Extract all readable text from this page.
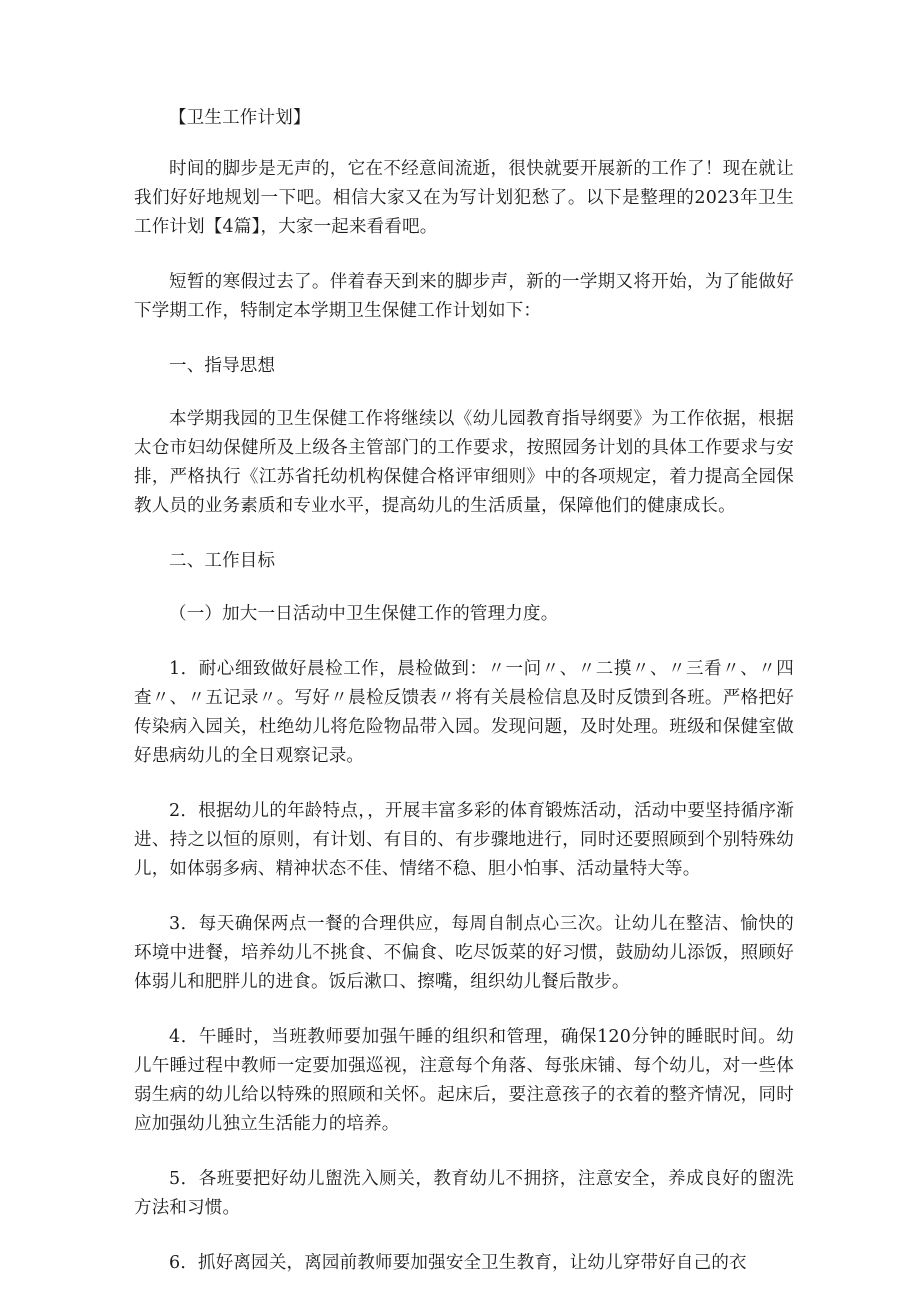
【卫生工作计划】

时间的脚步是无声的，它在不经意间流逝，很快就要开展新的工作了！现在就让我们好好地规划一下吧。相信大家又在为写计划犯愁了。以下是整理的2023年卫生工作计划【4篇】，大家一起来看看吧。

短暂的寒假过去了。伴着春天到来的脚步声，新的一学期又将开始，为了能做好下学期工作，特制定本学期卫生保健工作计划如下：

一、指导思想

本学期我园的卫生保健工作将继续以《幼儿园教育指导纲要》为工作依据，根据太仓市妇幼保健所及上级各主管部门的工作要求，按照园务计划的具体工作要求与安排，严格执行《江苏省托幼机构保健合格评审细则》中的各项规定，着力提高全园保教人员的业务素质和专业水平，提高幼儿的生活质量，保障他们的健康成长。

二、工作目标

（一）加大一日活动中卫生保健工作的管理力度。

1．耐心细致做好晨检工作，晨检做到：〃一问〃、〃二摸〃、〃三看〃、〃四查〃、〃五记录〃。写好〃晨检反馈表〃将有关晨检信息及时反馈到各班。严格把好传染病入园关，杜绝幼儿将危险物品带入园。发现问题，及时处理。班级和保健室做好患病幼儿的全日观察记录。

2．根据幼儿的年龄特点，，开展丰富多彩的体育锻炼活动，活动中要坚持循序渐进、持之以恒的原则，有计划、有目的、有步骤地进行，同时还要照顾到个别特殊幼儿，如体弱多病、精神状态不佳、情绪不稳、胆小怕事、活动量特大等。

3．每天确保两点一餐的合理供应，每周自制点心三次。让幼儿在整洁、愉快的环境中进餐，培养幼儿不挑食、不偏食、吃尽饭菜的好习惯，鼓励幼儿添饭，照顾好体弱儿和肥胖儿的进食。饭后漱口、擦嘴，组织幼儿餐后散步。

4．午睡时，当班教师要加强午睡的组织和管理，确保120分钟的睡眠时间。幼儿午睡过程中教师一定要加强巡视，注意每个角落、每张床铺、每个幼儿，对一些体弱生病的幼儿给以特殊的照顾和关怀。起床后，要注意孩子的衣着的整齐情况，同时应加强幼儿独立生活能力的培养。

5．各班要把好幼儿盥洗入厕关，教育幼儿不拥挤，注意安全，养成良好的盥洗方法和习惯。

6．抓好离园关，离园前教师要加强安全卫生教育，让幼儿穿带好自己的衣
